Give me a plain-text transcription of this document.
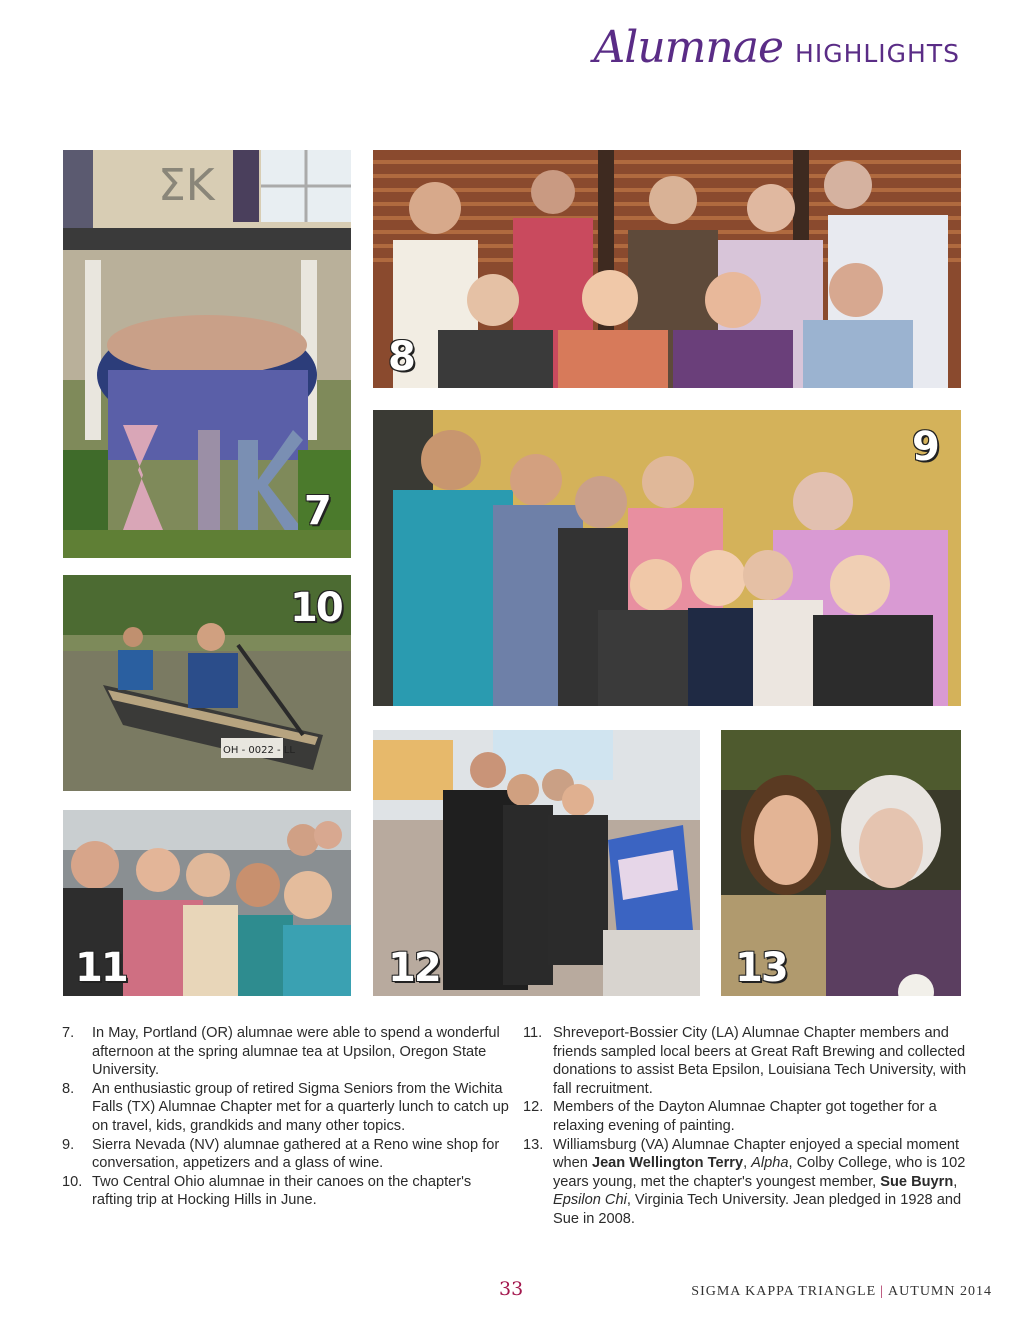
Alumnae HIGHLIGHTS
ΣK
7
8
9
OH - 0022 - LL
10
11	12	13
7.	In May, Portland (OR) alumnae were able to spend a wonderful afternoon at the spring alumnae tea at Upsilon, Oregon State University.
8.	An enthusiastic group of retired Sigma Seniors from the Wichita Falls (TX) Alumnae Chapter met for a quarterly lunch to catch up on travel, kids, grandkids and many other topics.
9.	Sierra Nevada (NV) alumnae gathered at a Reno wine shop for conversation, appetizers and a glass of wine.
10. Two Central Ohio alumnae in their canoes on the chapter's rafting trip at Hocking Hills in June.
11. Shreveport-Bossier City (LA) Alumnae Chapter members and friends sampled local beers at Great Raft Brewing and collected donations to assist Beta Epsilon, Louisiana Tech University, with fall recruitment.
12. Members of the Dayton Alumnae Chapter got together for a relaxing evening of painting.
13. Williamsburg (VA) Alumnae Chapter enjoyed a special moment when Jean Wellington Terry, Alpha, Colby College, who is 102 years young, met the chapter's youngest member, Sue Buyrn, Epsilon Chi, Virginia Tech University. Jean pledged in 1928 and Sue in 2008.
33	SIGMA KAPPA TRIANGLE | AUTUMN 2014
